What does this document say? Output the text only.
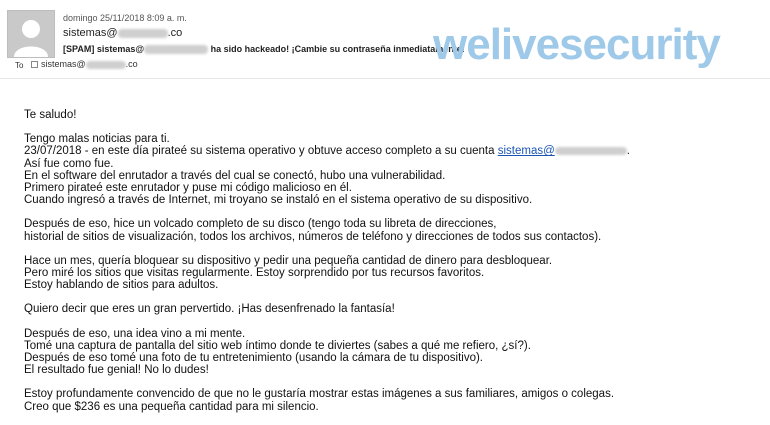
domingo 25/11/2018 8:09 a. m.
sistemas@	.co
[SPAM] sistemas@	ha sido hackeado! ¡Cambie su contraseña inmediatamente!
To sistemas@	.co	welivesecurity

Te saludo!

Tengo malas noticias para ti.
23/07/2018 - en este día pirateé su sistema operativo y obtuve acceso completo a su cuenta sistemas@	.
Así fue como fue.
En el software del enrutador a través del cual se conectó, hubo una vulnerabilidad.
Primero pirateé este enrutador y puse mi código malicioso en él.
Cuando ingresó a través de Internet, mi troyano se instaló en el sistema operativo de su dispositivo.

Después de eso, hice un volcado completo de su disco (tengo toda su libreta de direcciones,
historial de sitios de visualización, todos los archivos, números de teléfono y direcciones de todos sus contactos).

Hace un mes, quería bloquear su dispositivo y pedir una pequeña cantidad de dinero para desbloquear.
Pero miré los sitios que visitas regularmente. Estoy sorprendido por tus recursos favoritos.
Estoy hablando de sitios para adultos.

Quiero decir que eres un gran pervertido. ¡Has desenfrenado la fantasía!

Después de eso, una idea vino a mi mente.
Tomé una captura de pantalla del sitio web íntimo donde te diviertes (sabes a qué me refiero, ¿sí?).
Después de eso tomé una foto de tu entretenimiento (usando la cámara de tu dispositivo).
El resultado fue genial! No lo dudes!

Estoy profundamente convencido de que no le gustaría mostrar estas imágenes a sus familiares, amigos o colegas.
Creo que $236 es una pequeña cantidad para mi silencio.
